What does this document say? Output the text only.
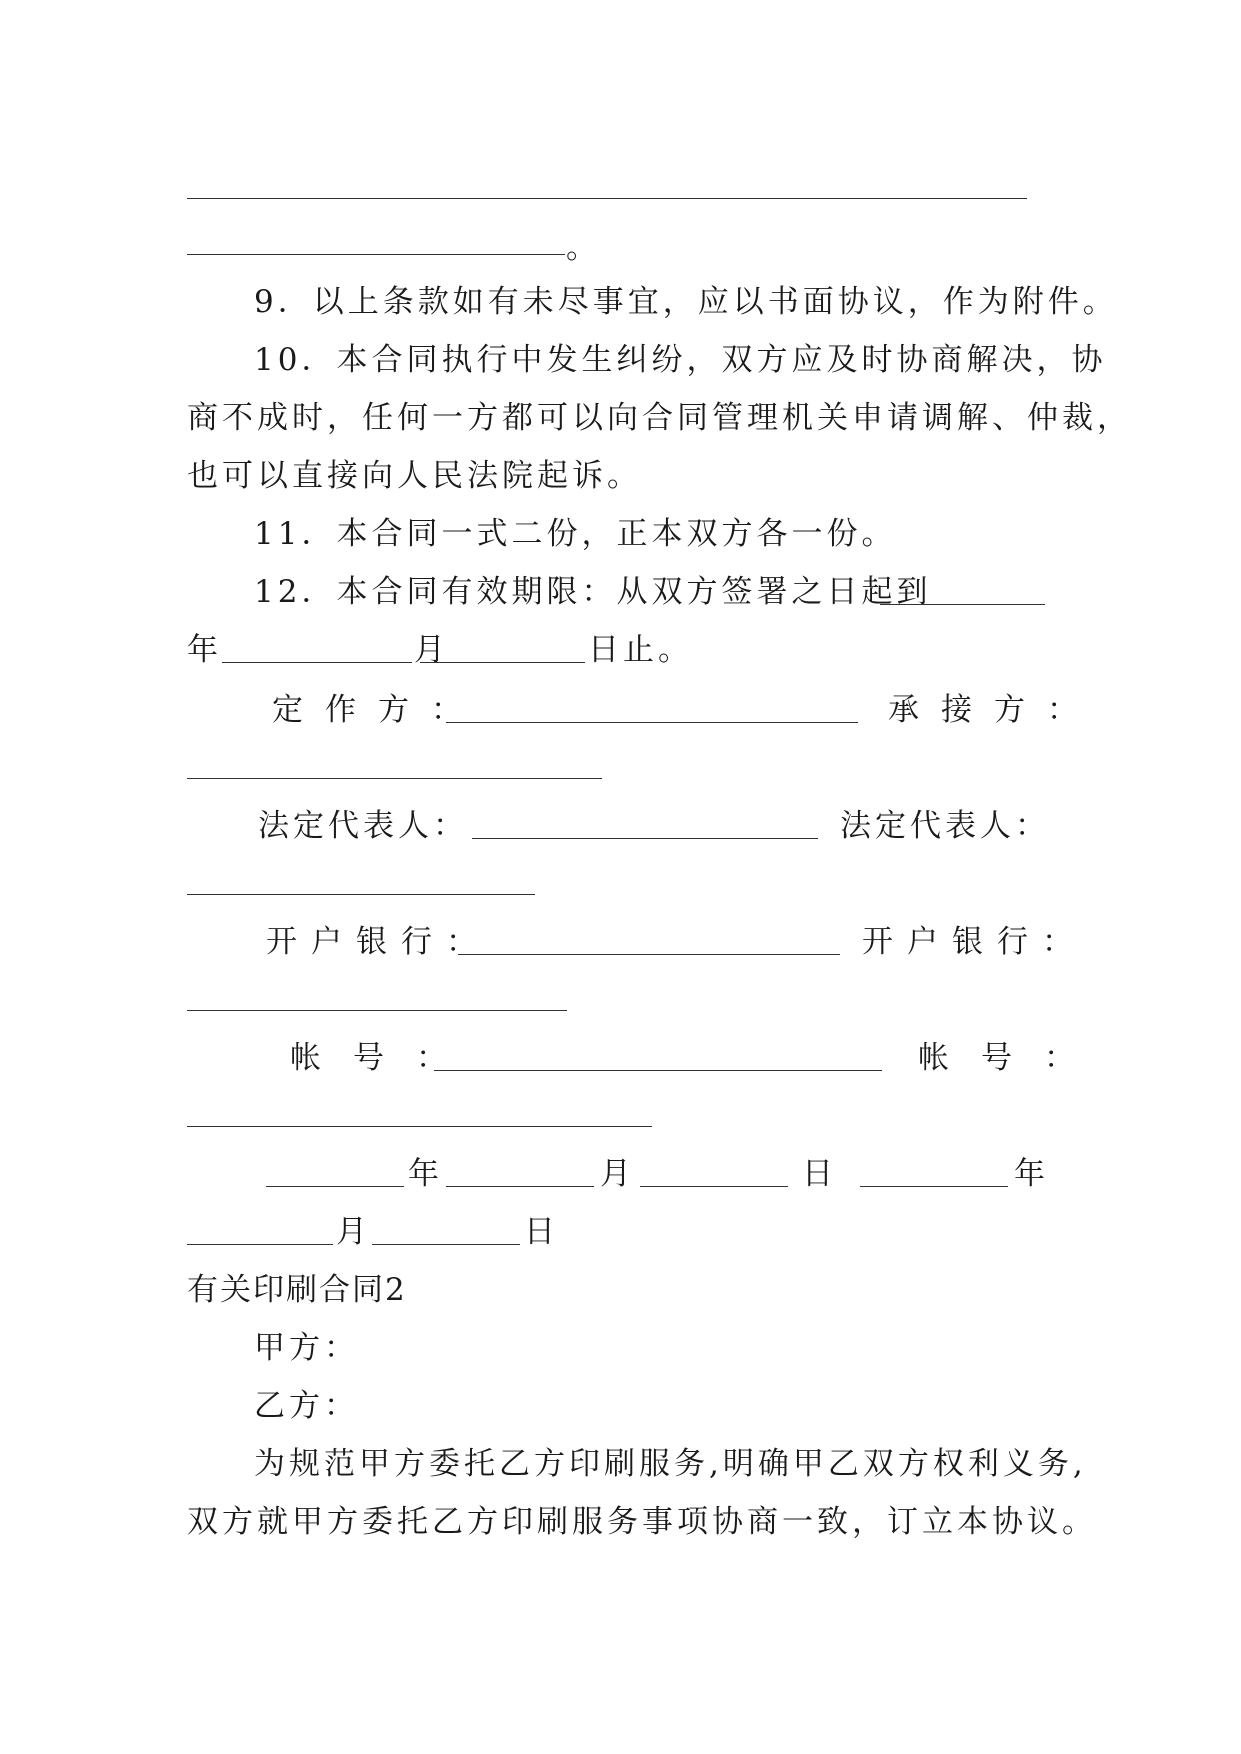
。
9．以上条款如有未尽事宜，应以书面协议，作为附件。
10．本合同执行中发生纠纷，双方应及时协商解决，协
商不成时，任何一方都可以向合同管理机关申请调解、仲裁，
也可以直接向人民法院起诉。
11．本合同一式二份，正本双方各一份。
12．本合同有效期限：从双方签署之日起到
年	月	日止。
定作方：	承接方：
法定代表人：	法定代表人：
开户银行：	开户银行：
帐号：	帐号：
年	月	日	年
月	日
有关印刷合同2
甲方：
乙方：
为规范甲方委托乙方印刷服务,明确甲乙双方权利义务,
双方就甲方委托乙方印刷服务事项协商一致，订立本协议。
